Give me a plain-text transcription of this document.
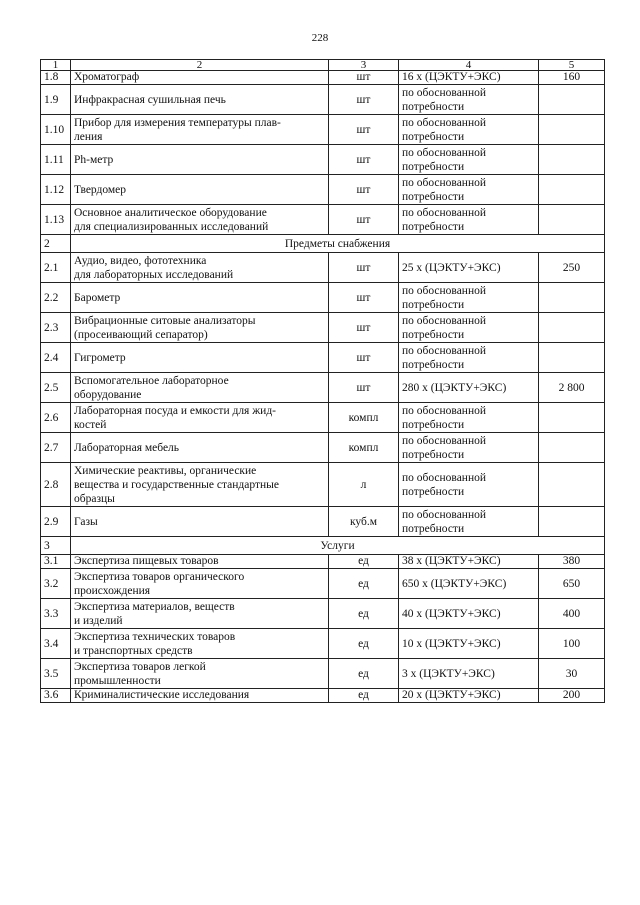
228
1	2	3	4	5

1.8	Хроматограф	шт	16 х (ЦЭКТУ+ЭКС)	160

1.9	Инфракрасная сушильная печь	шт	по обоснованной
потребности	

1.10	Прибор для измерения температуры плав-
ления	шт	по обоснованной
потребности	

1.11	Ph-метр	шт	по обоснованной
потребности	

1.12	Твердомер	шт	по обоснованной
потребности	

1.13	Основное аналитическое оборудование
для специализированных исследований	шт	по обоснованной
потребности	

2	Предметы снабжения			

2.1	Аудио, видео, фототехника
для лабораторных исследований	шт	25 х (ЦЭКТУ+ЭКС)	250

2.2	Барометр	шт	по обоснованной
потребности	

2.3	Вибрационные ситовые анализаторы
(просеивающий сепаратор)	шт	по обоснованной
потребности	

2.4	Гигрометр	шт	по обоснованной
потребности	

2.5	Вспомогательное лабораторное
оборудование	шт	280 х (ЦЭКТУ+ЭКС)	2 800

2.6	Лабораторная посуда и емкости для жид-
костей	компл	по обоснованной
потребности	

2.7	Лабораторная мебель	компл	по обоснованной
потребности	

2.8	Химические реактивы, органические
вещества и государственные стандартные
образцы	л	по обоснованной
потребности	

2.9	Газы	куб.м	по обоснованной
потребности	

3	Услуги			

3.1	Экспертиза пищевых товаров	ед	38 х (ЦЭКТУ+ЭКС)	380

3.2	Экспертиза товаров органического
происхождения	ед	650 х (ЦЭКТУ+ЭКС)	650

3.3	Экспертиза материалов, веществ
и изделий	ед	40 х (ЦЭКТУ+ЭКС)	400

3.4	Экспертиза технических товаров
и транспортных средств	ед	10 х (ЦЭКТУ+ЭКС)	100

3.5	Экспертиза товаров легкой
промышленности	ед	3 х (ЦЭКТУ+ЭКС)	30

3.6	Криминалистические исследования	ед	20 х (ЦЭКТУ+ЭКС)	200
